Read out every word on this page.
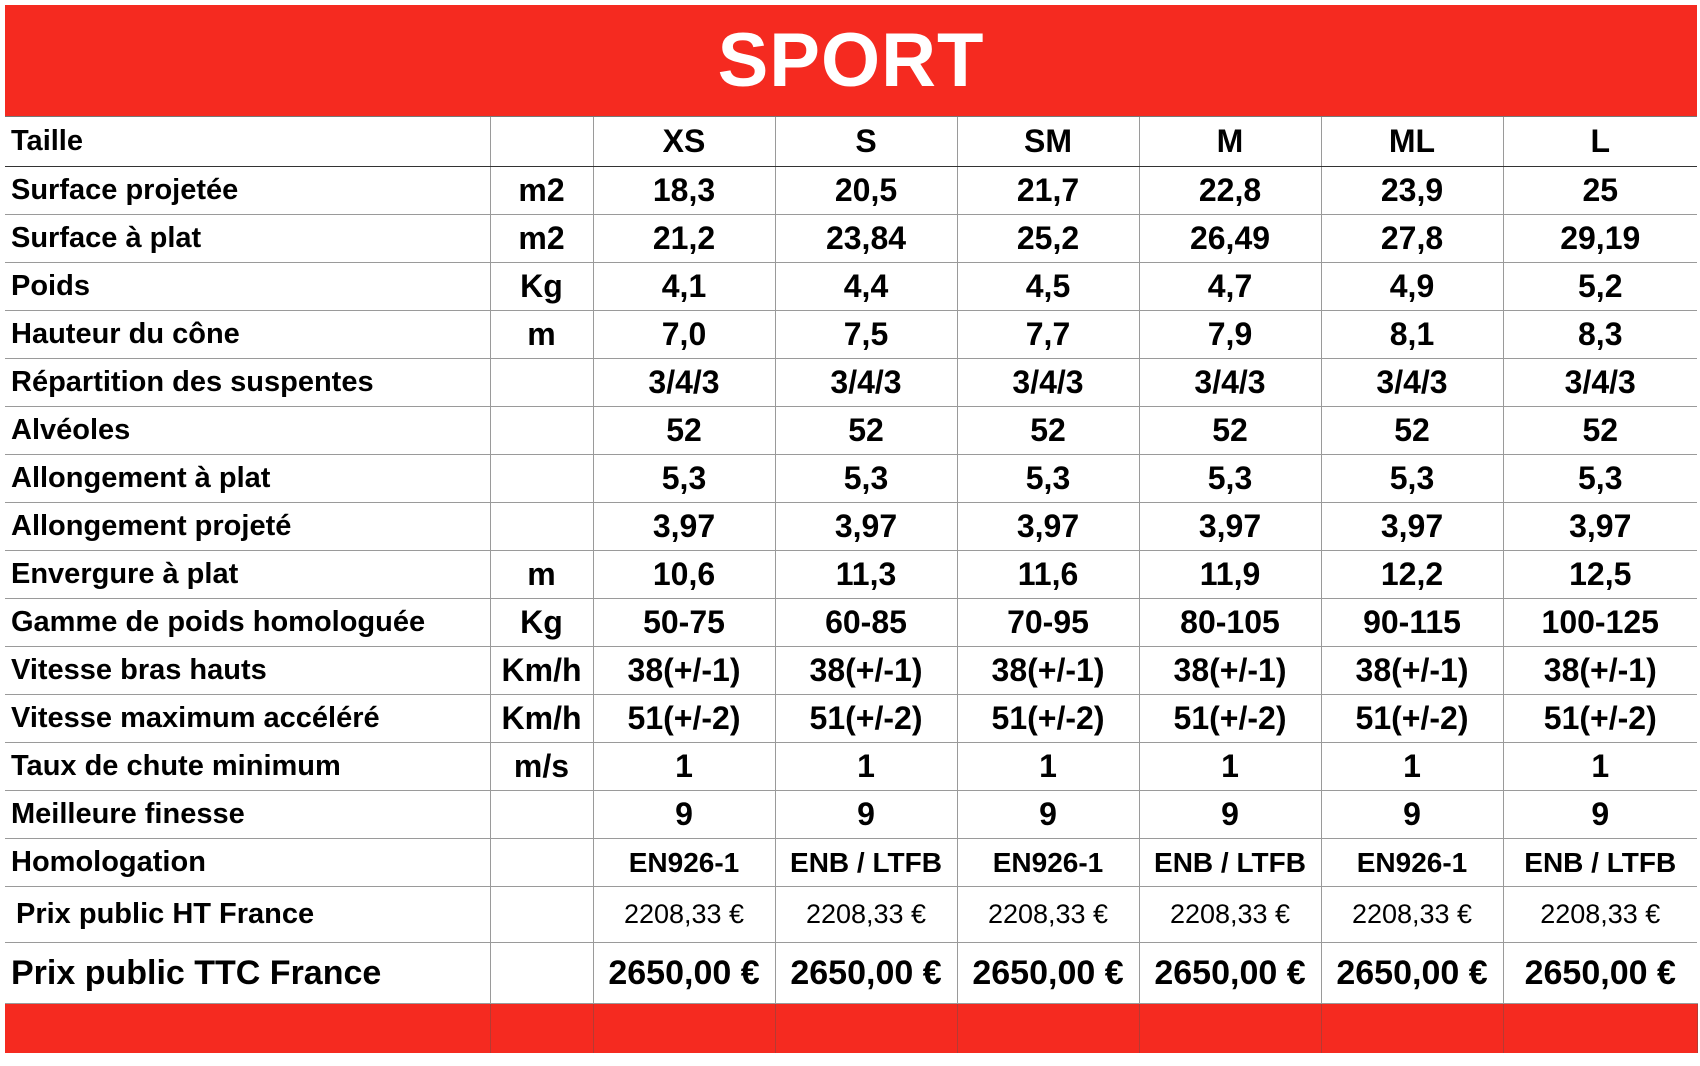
SPORT
Taille		XS	S	SM	M	ML	L
Surface projetée	m2	18,3	20,5	21,7	22,8	23,9	25
Surface à plat	m2	21,2	23,84	25,2	26,49	27,8	29,19
Poids	Kg	4,1	4,4	4,5	4,7	4,9	5,2
Hauteur du cône	m	7,0	7,5	7,7	7,9	8,1	8,3
Répartition des suspentes		3/4/3	3/4/3	3/4/3	3/4/3	3/4/3	3/4/3
Alvéoles		52	52	52	52	52	52
Allongement à plat		5,3	5,3	5,3	5,3	5,3	5,3
Allongement projeté		3,97	3,97	3,97	3,97	3,97	3,97
Envergure à plat	m	10,6	11,3	11,6	11,9	12,2	12,5
Gamme de poids homologuée	Kg	50-75	60-85	70-95	80-105	90-115	100-125
Vitesse bras hauts	Km/h	38(+/-1)	38(+/-1)	38(+/-1)	38(+/-1)	38(+/-1)	38(+/-1)
Vitesse maximum accéléré	Km/h	51(+/-2)	51(+/-2)	51(+/-2)	51(+/-2)	51(+/-2)	51(+/-2)
Taux de chute minimum	m/s	1	1	1	1	1	1
Meilleure finesse		9	9	9	9	9	9
Homologation		EN926-1	ENB / LTFB	EN926-1	ENB / LTFB	EN926-1	ENB / LTFB
Prix public HT France		2208,33 €	2208,33 €	2208,33 €	2208,33 €	2208,33 €	2208,33 €
Prix public TTC France		2650,00 €	2650,00 €	2650,00 €	2650,00 €	2650,00 €	2650,00 €
